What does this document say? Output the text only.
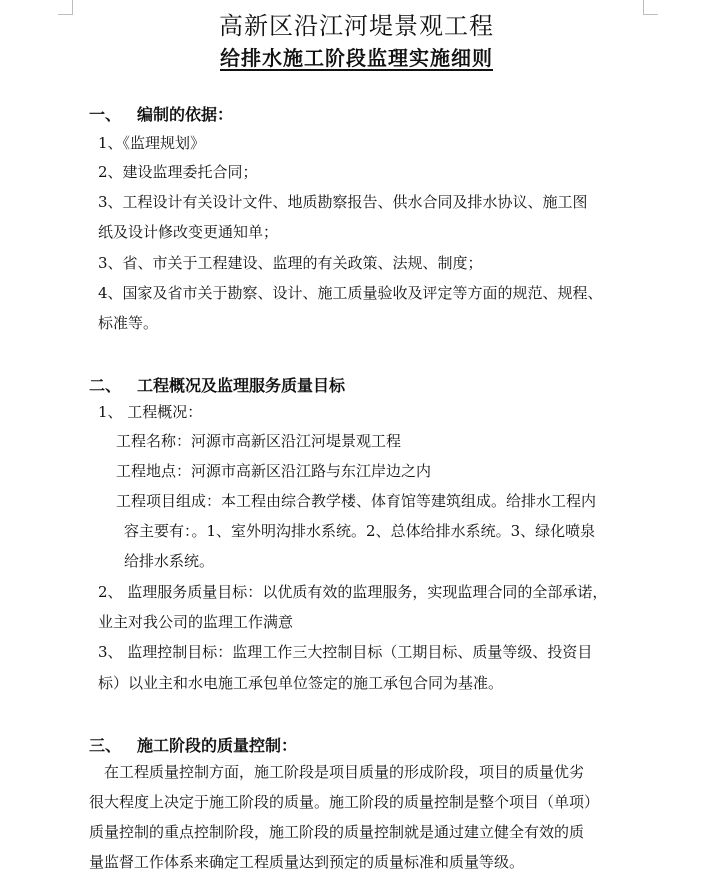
高新区沿江河堤景观工程
给排水施工阶段监理实施细则
一、 编制的依据：
1、《监理规划》
2、建设监理委托合同；
3、工程设计有关设计文件、地质勘察报告、供水合同及排水协议、施工图
纸及设计修改变更通知单；
3、省、市关于工程建设、监理的有关政策、法规、制度；
4、国家及省市关于勘察、设计、施工质量验收及评定等方面的规范、规程、
标准等。
二、 工程概况及监理服务质量目标
1、 工程概况：
工程名称：河源市高新区沿江河堤景观工程
工程地点：河源市高新区沿江路与东江岸边之内
工程项目组成：本工程由综合教学楼、体育馆等建筑组成。给排水工程内
容主要有：。1、室外明沟排水系统。2、总体给排水系统。3、绿化喷泉
给排水系统。
2、 监理服务质量目标：以优质有效的监理服务，实现监理合同的全部承诺，
业主对我公司的监理工作满意
3、 监理控制目标：监理工作三大控制目标（工期目标、质量等级、投资目
标）以业主和水电施工承包单位签定的施工承包合同为基准。
三、 施工阶段的质量控制：
在工程质量控制方面，施工阶段是项目质量的形成阶段，项目的质量优劣
很大程度上决定于施工阶段的质量。施工阶段的质量控制是整个项目（单项）
质量控制的重点控制阶段，施工阶段的质量控制就是通过建立健全有效的质
量监督工作体系来确定工程质量达到预定的质量标准和质量等级。
